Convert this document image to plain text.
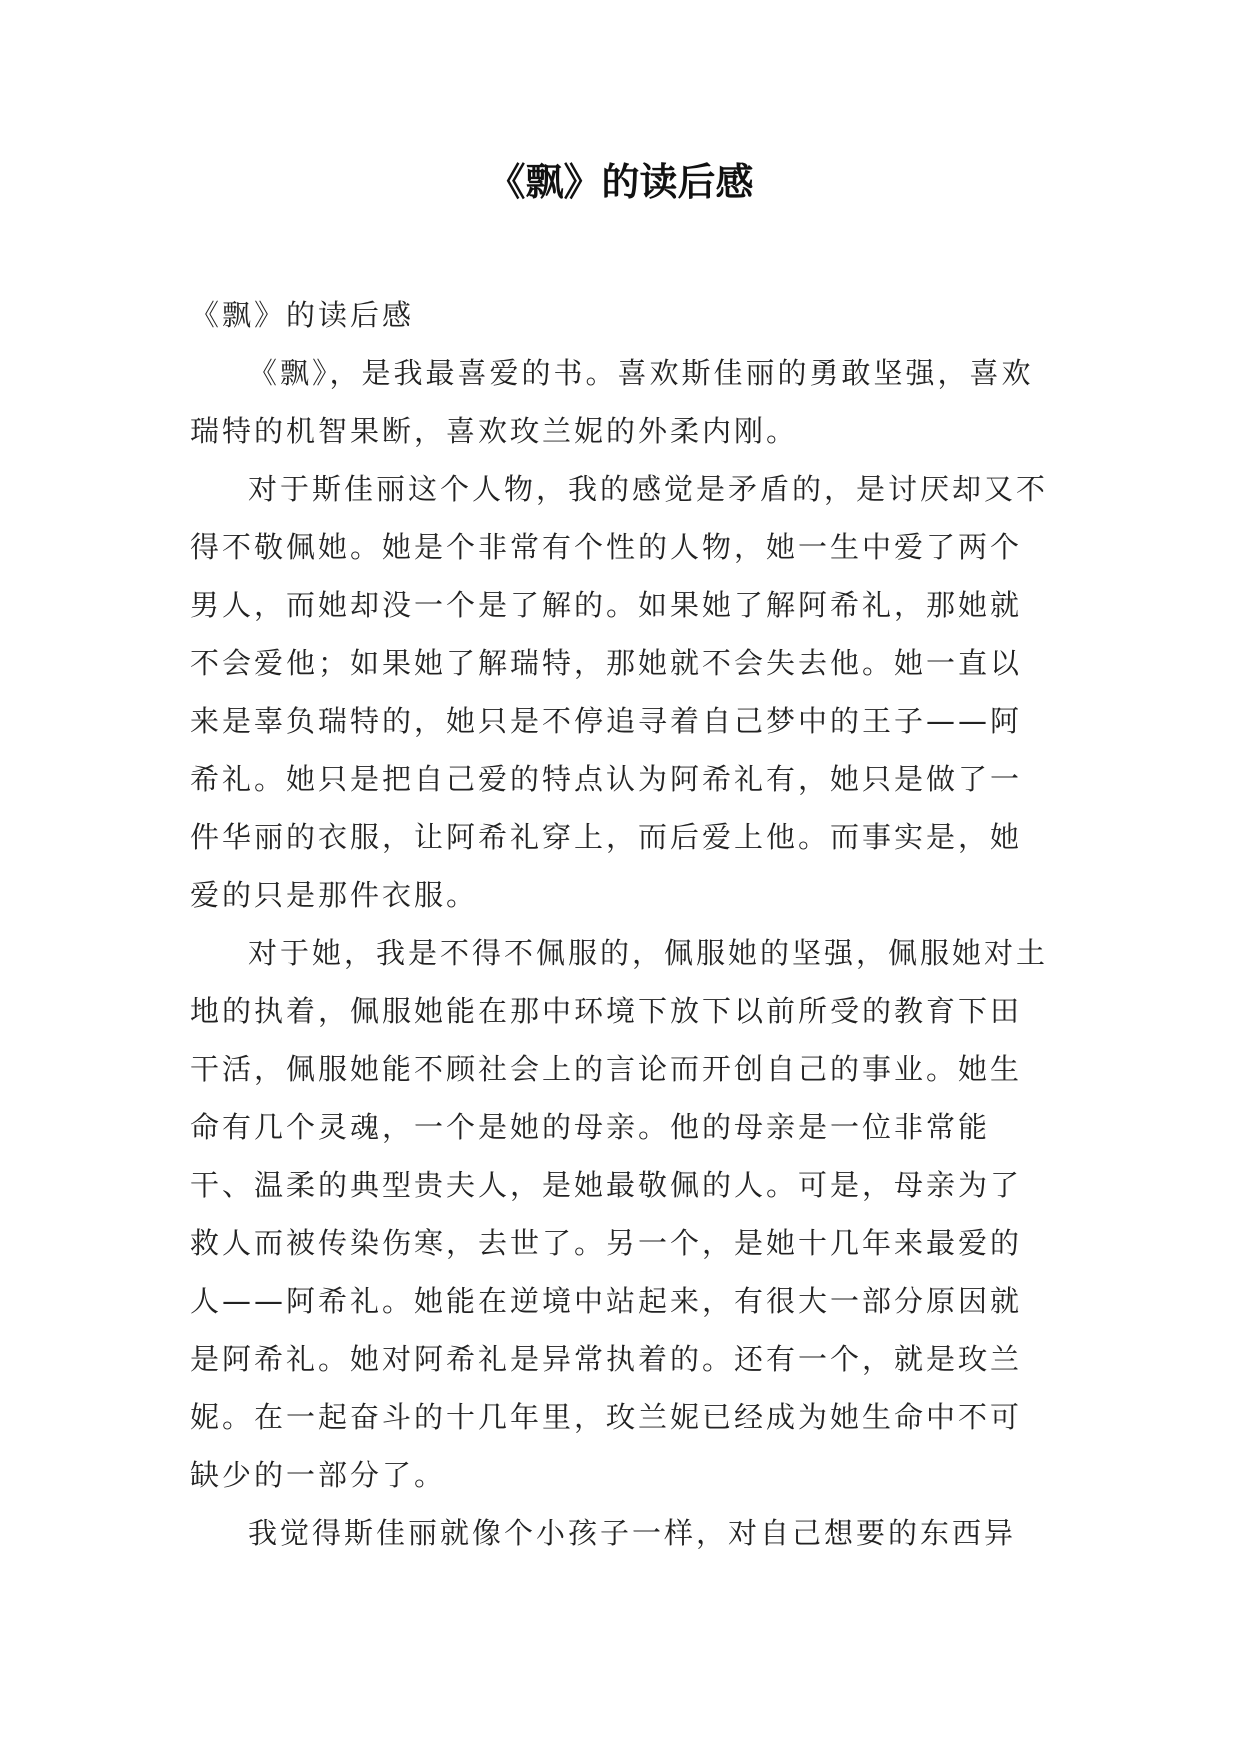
《飘》的读后感

《飘》的读后感

《飘》，是我最喜爱的书。喜欢斯佳丽的勇敢坚强，喜欢瑞特的机智果断，喜欢玫兰妮的外柔内刚。

对于斯佳丽这个人物，我的感觉是矛盾的，是讨厌却又不得不敬佩她。她是个非常有个性的人物，她一生中爱了两个男人，而她却没一个是了解的。如果她了解阿希礼，那她就不会爱他；如果她了解瑞特，那她就不会失去他。她一直以来是辜负瑞特的，她只是不停追寻着自己梦中的王子——阿希礼。她只是把自己爱的特点认为阿希礼有，她只是做了一件华丽的衣服，让阿希礼穿上，而后爱上他。而事实是，她爱的只是那件衣服。

对于她，我是不得不佩服的，佩服她的坚强，佩服她对土地的执着，佩服她能在那中环境下放下以前所受的教育下田干活，佩服她能不顾社会上的言论而开创自己的事业。她生命有几个灵魂，一个是她的母亲。他的母亲是一位非常能干、温柔的典型贵夫人，是她最敬佩的人。可是，母亲为了救人而被传染伤寒，去世了。另一个，是她十几年来最爱的人——阿希礼。她能在逆境中站起来，有很大一部分原因就是阿希礼。她对阿希礼是异常执着的。还有一个，就是玫兰妮。在一起奋斗的十几年里，玫兰妮已经成为她生命中不可缺少的一部分了。

我觉得斯佳丽就像个小孩子一样，对自己想要的东西异
